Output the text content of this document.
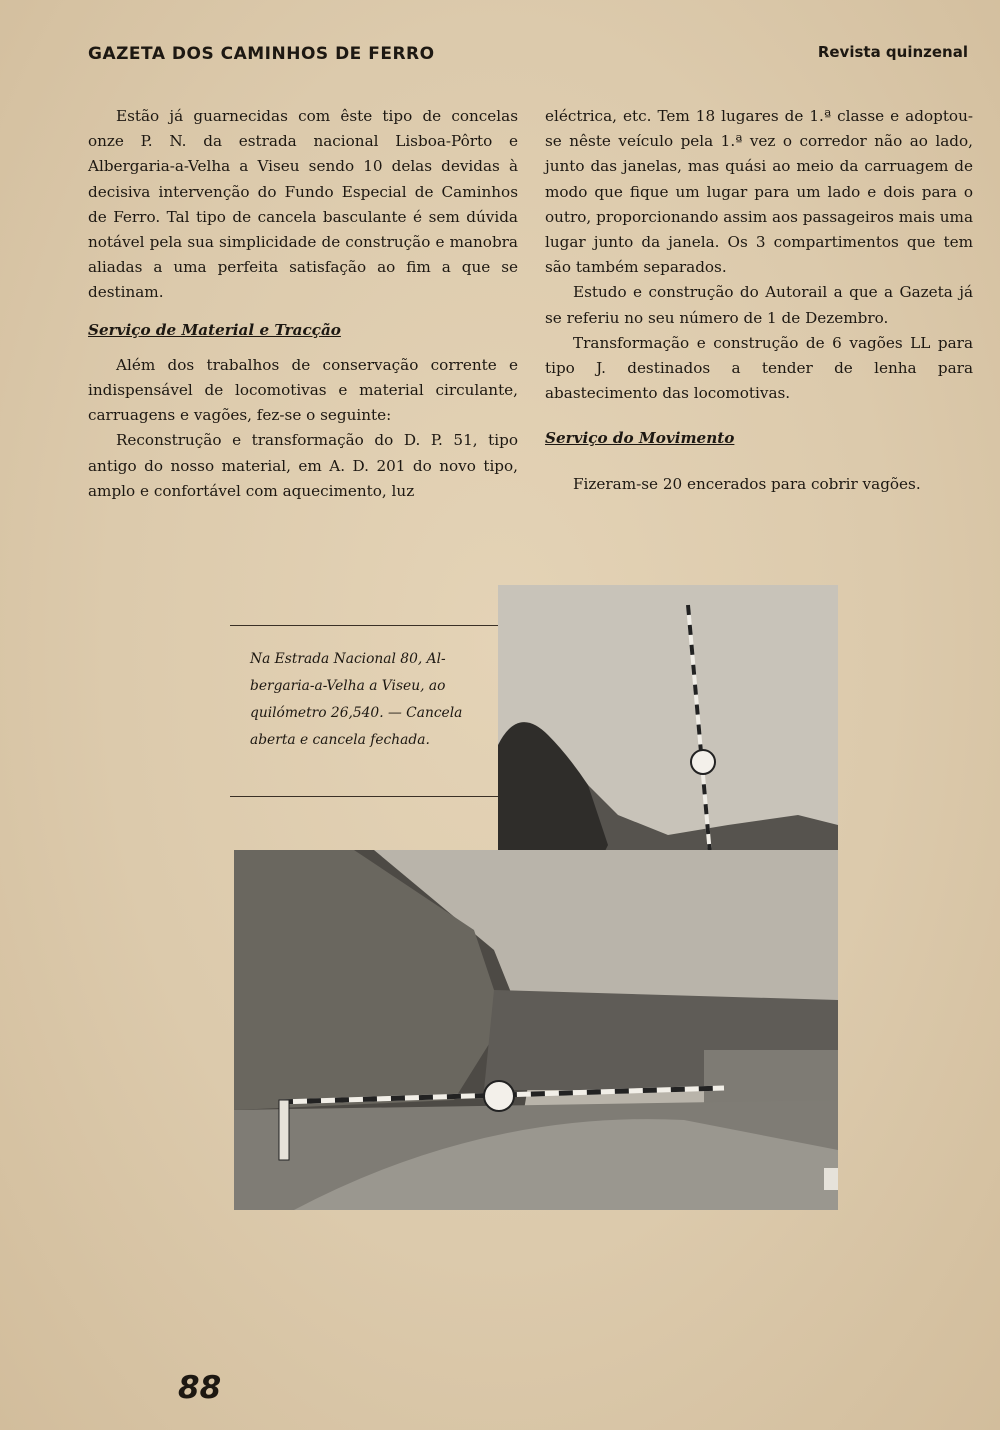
GAZETA DOS CAMINHOS DE FERRO	Revista quinzenal

Estão já guarnecidas com êste tipo de concelas onze P. N. da estrada nacional Lisboa-Pôrto e Albergaria-a-Velha a Viseu sendo 10 delas devidas à decisiva intervenção do Fundo Especial de Caminhos de Ferro. Tal tipo de cancela basculante é sem dúvida notável pela sua simplicidade de construção e manobra aliadas a uma perfeita satisfação ao fim a que se destinam.

Serviço de Material e Tracção

Além dos trabalhos de conservação corrente e indispensável de locomotivas e material circulante, carruagens e vagões, fez-se o seguinte:

Reconstrução e transformação do D. P. 51, tipo antigo do nosso material, em A. D. 201 do novo tipo, amplo e confortável com aquecimento, luz

eléctrica, etc. Tem 18 lugares de 1.ª classe e adoptou-se nêste veículo pela 1.ª vez o corredor não ao lado, junto das janelas, mas quási ao meio da carruagem de modo que fique um lugar para um lado e dois para o outro, proporcionando assim aos passageiros mais uma lugar junto da janela. Os 3 compartimentos que tem são também separados.

Estudo e construção do Autorail a que a Gazeta já se referiu no seu número de 1 de Dezembro.

Transformação e construção de 6 vagões LL para tipo J. destinados a tender de lenha para abastecimento das locomotivas.

Serviço do Movimento

Fizeram-se 20 encerados para cobrir vagões.

Na Estrada Nacional 80, Al-
bergaria-a-Velha a Viseu, ao
quilómetro 26,540. — Cancela
aberta e cancela fechada.
88
